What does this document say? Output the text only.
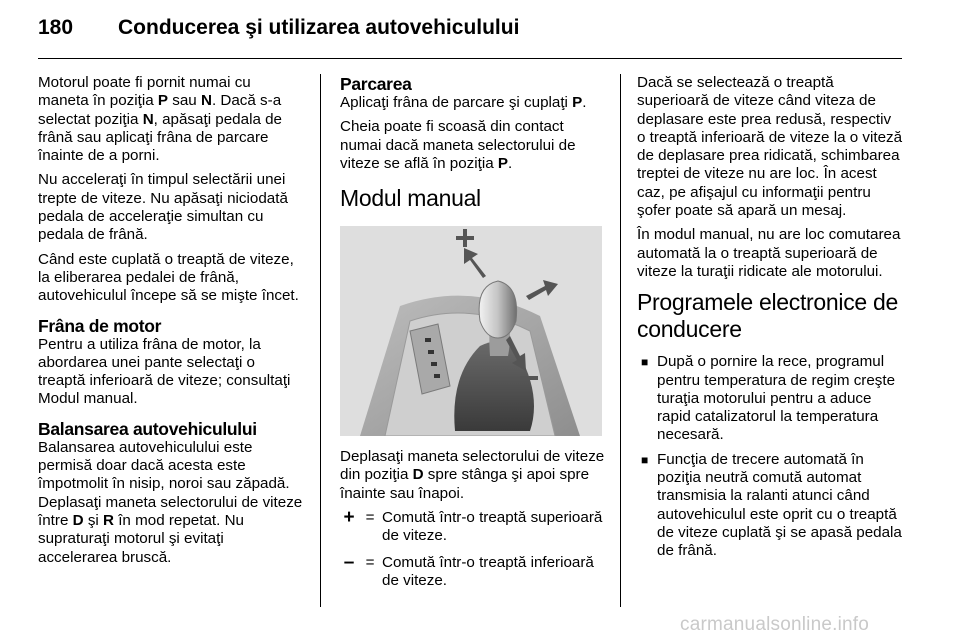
180 Conducerea şi utilizarea autovehiculului

Motorul poate fi pornit numai cu maneta în poziţia P sau N. Dacă s-a selectat poziţia N, apăsaţi pedala de frână sau aplicaţi frâna de parcare înainte de a porni.

Nu acceleraţi în timpul selectării unei trepte de viteze. Nu apăsaţi niciodată pedala de acceleraţie simultan cu pedala de frână.

Când este cuplată o treaptă de viteze, la eliberarea pedalei de frână, autovehiculul începe să se mişte încet.

Frâna de motor

Pentru a utiliza frâna de motor, la abordarea unei pante selectaţi o treaptă inferioară de viteze; consultaţi Modul manual.

Balansarea autovehiculului

Balansarea autovehiculului este permisă doar dacă acesta este împotmolit în nisip, noroi sau zăpadă. Deplasaţi maneta selectorului de viteze între D şi R în mod repetat. Nu supraturaţi motorul şi evitaţi accelerarea bruscă.

Parcarea

Aplicaţi frâna de parcare şi cuplaţi P.

Cheia poate fi scoasă din contact numai dacă maneta selectorului de viteze se află în poziţia P.

Modul manual

Deplasaţi maneta selectorului de viteze din poziţia D spre stânga şi apoi spre înainte sau înapoi.

+ = Comută într-o treaptă superioară de viteze.
– = Comută într-o treaptă inferioară de viteze.

Dacă se selectează o treaptă superioară de viteze când viteza de deplasare este prea redusă, respectiv o treaptă inferioară de viteze la o viteză de deplasare prea ridicată, schimbarea treptei de viteze nu are loc. În acest caz, pe afişajul cu informaţii pentru şofer poate să apară un mesaj.

În modul manual, nu are loc comutarea automată la o treaptă superioară de viteze la turaţii ridicate ale motorului.

Programele electronice de conducere
■ După o pornire la rece, programul pentru temperatura de regim creşte turaţia motorului pentru a aduce rapid catalizatorul la temperatura necesară.
■ Funcţia de trecere automată în poziţia neutră comută automat transmisia la ralanti atunci când autovehiculul este oprit cu o treaptă de viteze cuplată şi se apasă pedala de frână.
carmanualsonline.info
